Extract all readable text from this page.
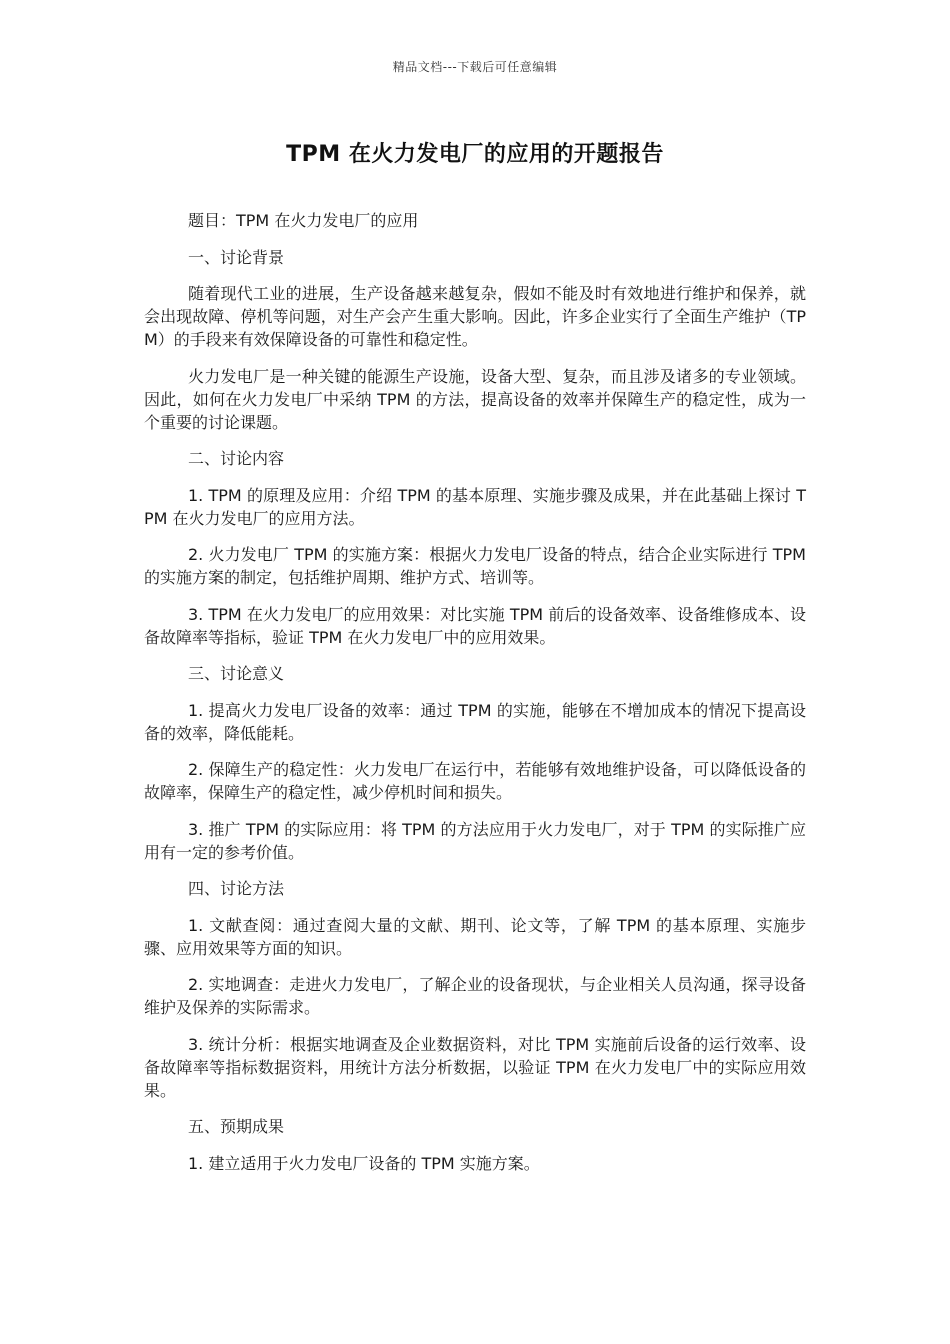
精品文档---下载后可任意编辑
TPM 在火力发电厂的应用的开题报告

题目：TPM 在火力发电厂的应用

一、讨论背景

随着现代工业的进展，生产设备越来越复杂，假如不能及时有效地进行维护和保养，就会出现故障、停机等问题，对生产会产生重大影响。因此，许多企业实行了全面生产维护（TPM）的手段来有效保障设备的可靠性和稳定性。

火力发电厂是一种关键的能源生产设施，设备大型、复杂，而且涉及诸多的专业领域。因此，如何在火力发电厂中采纳 TPM 的方法，提高设备的效率并保障生产的稳定性，成为一个重要的讨论课题。

二、讨论内容

1. TPM 的原理及应用：介绍 TPM 的基本原理、实施步骤及成果，并在此基础上探讨 TPM 在火力发电厂的应用方法。

2. 火力发电厂 TPM 的实施方案：根据火力发电厂设备的特点，结合企业实际进行 TPM 的实施方案的制定，包括维护周期、维护方式、培训等。

3. TPM 在火力发电厂的应用效果：对比实施 TPM 前后的设备效率、设备维修成本、设备故障率等指标，验证 TPM 在火力发电厂中的应用效果。

三、讨论意义

1. 提高火力发电厂设备的效率：通过 TPM 的实施，能够在不增加成本的情况下提高设备的效率，降低能耗。

2. 保障生产的稳定性：火力发电厂在运行中，若能够有效地维护设备，可以降低设备的故障率，保障生产的稳定性，减少停机时间和损失。

3. 推广 TPM 的实际应用：将 TPM 的方法应用于火力发电厂，对于 TPM 的实际推广应用有一定的参考价值。

四、讨论方法

1. 文献查阅：通过查阅大量的文献、期刊、论文等，了解 TPM 的基本原理、实施步骤、应用效果等方面的知识。

2. 实地调查：走进火力发电厂，了解企业的设备现状，与企业相关人员沟通，探寻设备维护及保养的实际需求。

3. 统计分析：根据实地调查及企业数据资料，对比 TPM 实施前后设备的运行效率、设备故障率等指标数据资料，用统计方法分析数据，以验证 TPM 在火力发电厂中的实际应用效果。

五、预期成果

1. 建立适用于火力发电厂设备的 TPM 实施方案。
